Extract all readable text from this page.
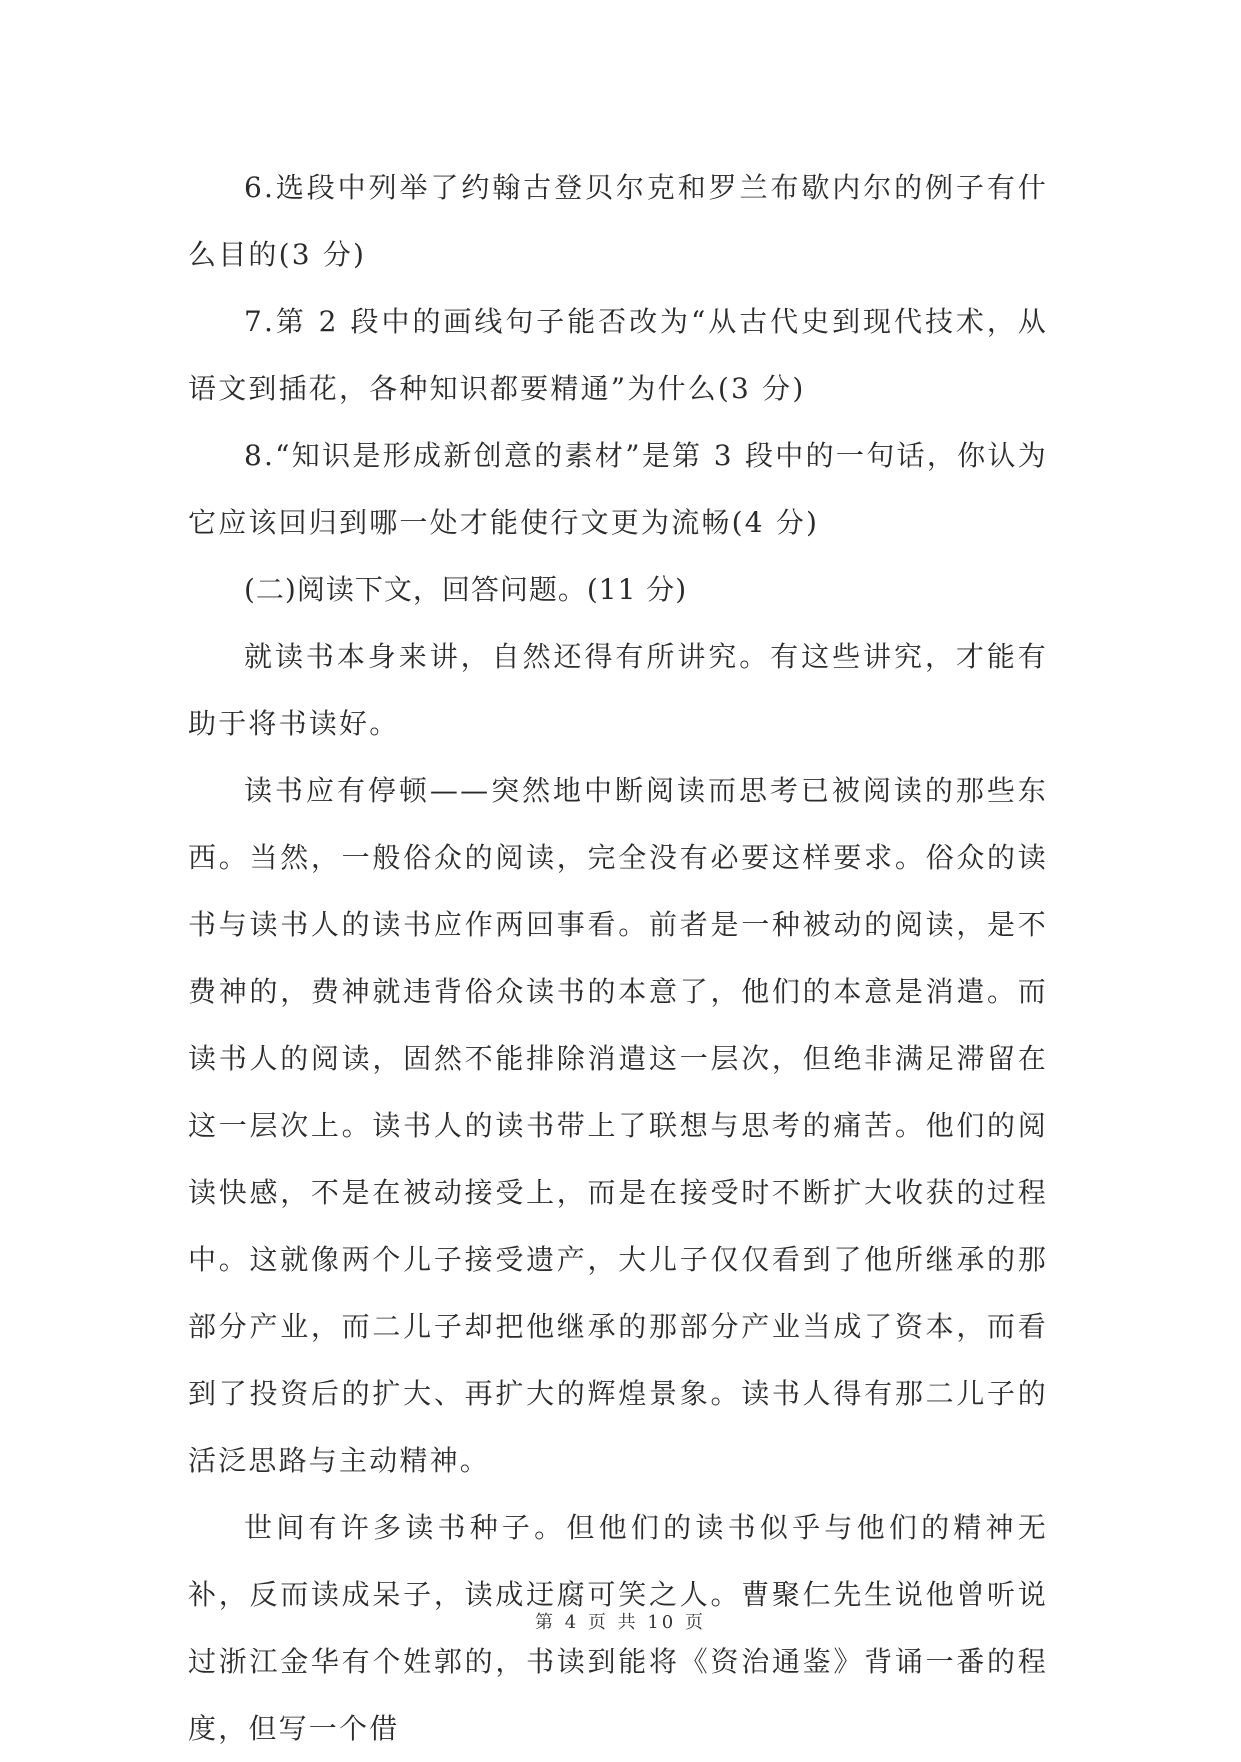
6.选段中列举了约翰古登贝尔克和罗兰布歇内尔的例子有什么目的(3 分)

7.第 2 段中的画线句子能否改为“从古代史到现代技术，从语文到插花，各种知识都要精通”为什么(3 分)

8.“知识是形成新创意的素材”是第 3 段中的一句话，你认为它应该回归到哪一处才能使行文更为流畅(4 分)

(二)阅读下文，回答问题。(11 分)

就读书本身来讲，自然还得有所讲究。有这些讲究，才能有助于将书读好。

读书应有停顿——突然地中断阅读而思考已被阅读的那些东西。当然，一般俗众的阅读，完全没有必要这样要求。俗众的读书与读书人的读书应作两回事看。前者是一种被动的阅读，是不费神的，费神就违背俗众读书的本意了，他们的本意是消遣。而读书人的阅读，固然不能排除消遣这一层次，但绝非满足滞留在这一层次上。读书人的读书带上了联想与思考的痛苦。他们的阅读快感，不是在被动接受上，而是在接受时不断扩大收获的过程中。这就像两个儿子接受遗产，大儿子仅仅看到了他所继承的那部分产业，而二儿子却把他继承的那部分产业当成了资本，而看到了投资后的扩大、再扩大的辉煌景象。读书人得有那二儿子的活泛思路与主动精神。

世间有许多读书种子。但他们的读书似乎与他们的精神无补，反而读成呆子，读成迂腐可笑之人。曹聚仁先生说他曾听说过浙江金华有个姓郭的，书读到能将《资治通鉴》背诵一番的程度，但写一个借

第 4 页 共 10 页
